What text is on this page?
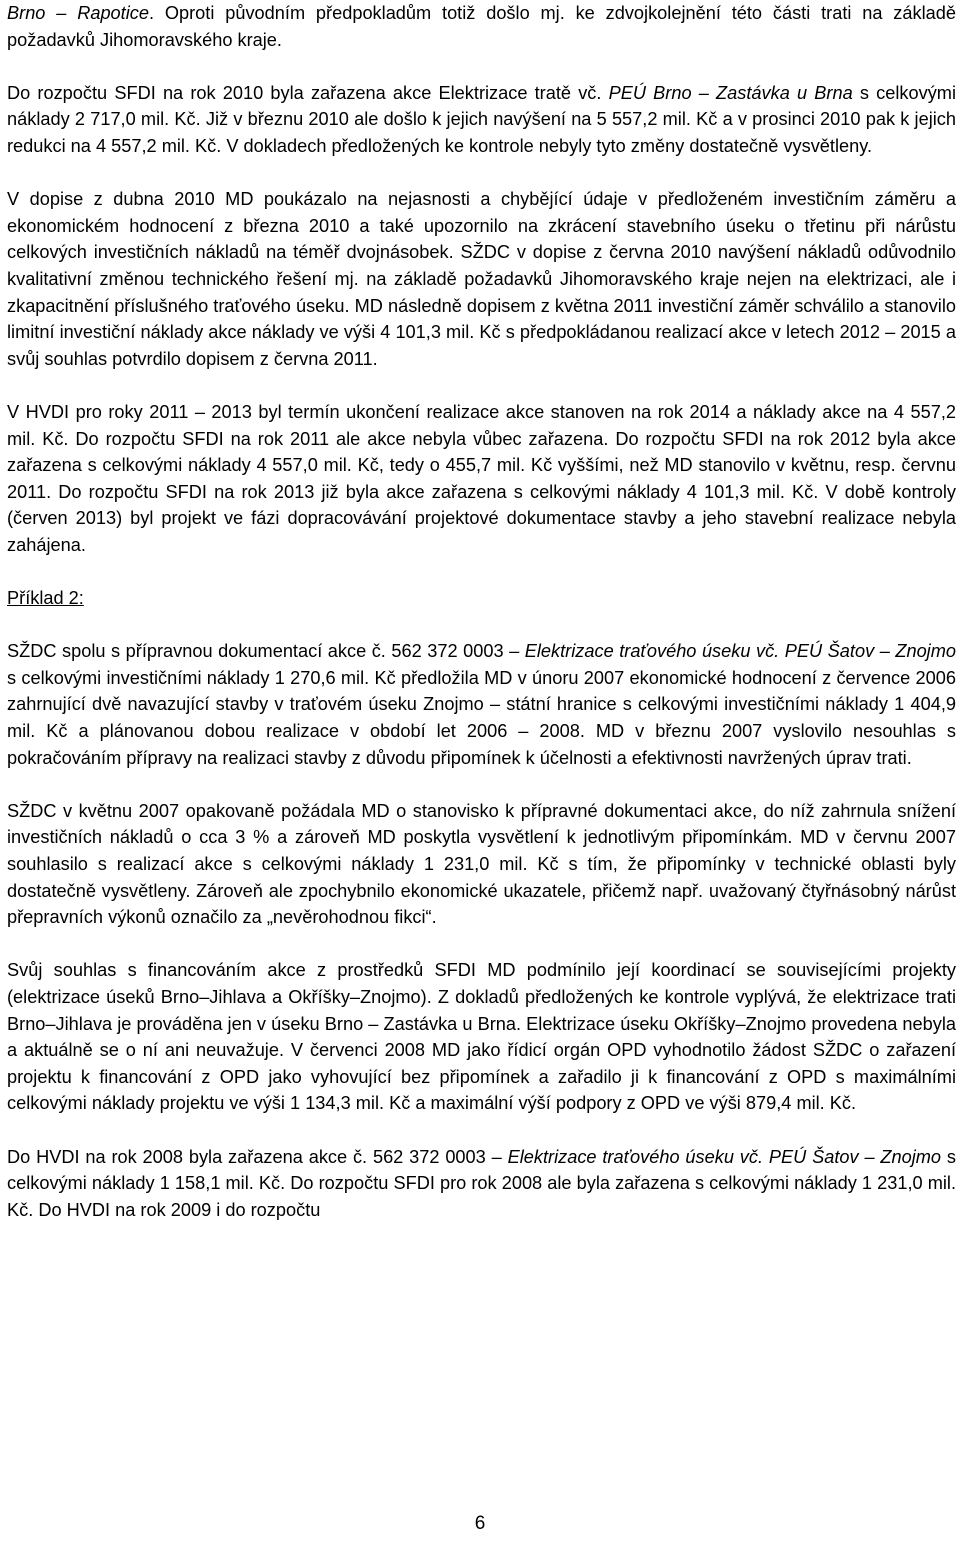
Brno – Rapotice. Oproti původním předpokladům totiž došlo mj. ke zdvojkolejnění této části trati na základě požadavků Jihomoravského kraje.

Do rozpočtu SFDI na rok 2010 byla zařazena akce Elektrizace tratě vč. PEÚ Brno – Zastávka u Brna s celkovými náklady 2 717,0 mil. Kč. Již v březnu 2010 ale došlo k jejich navýšení na 5 557,2 mil. Kč a v prosinci 2010 pak k jejich redukci na 4 557,2 mil. Kč. V dokladech předložených ke kontrole nebyly tyto změny dostatečně vysvětleny.

V dopise z dubna 2010 MD poukázalo na nejasnosti a chybějící údaje v předloženém investičním záměru a ekonomickém hodnocení z března 2010 a také upozornilo na zkrácení stavebního úseku o třetinu při nárůstu celkových investičních nákladů na téměř dvojnásobek. SŽDC v dopise z června 2010 navýšení nákladů odůvodnilo kvalitativní změnou technického řešení mj. na základě požadavků Jihomoravského kraje nejen na elektrizaci, ale i zkapacitnění příslušného traťového úseku. MD následně dopisem z května 2011 investiční záměr schválilo a stanovilo limitní investiční náklady akce náklady ve výši 4 101,3 mil. Kč s předpokládanou realizací akce v letech 2012 – 2015 a svůj souhlas potvrdilo dopisem z června 2011.

V HVDI pro roky 2011 – 2013 byl termín ukončení realizace akce stanoven na rok 2014 a náklady akce na 4 557,2 mil. Kč. Do rozpočtu SFDI na rok 2011 ale akce nebyla vůbec zařazena. Do rozpočtu SFDI na rok 2012 byla akce zařazena s celkovými náklady 4 557,0 mil. Kč, tedy o 455,7 mil. Kč vyššími, než MD stanovilo v květnu, resp. červnu 2011. Do rozpočtu SFDI na rok 2013 již byla akce zařazena s celkovými náklady 4 101,3 mil. Kč. V době kontroly (červen 2013) byl projekt ve fázi dopracovávání projektové dokumentace stavby a jeho stavební realizace nebyla zahájena.

Příklad 2:

SŽDC spolu s přípravnou dokumentací akce č. 562 372 0003 – Elektrizace traťového úseku vč. PEÚ Šatov – Znojmo s celkovými investičními náklady 1 270,6 mil. Kč předložila MD v únoru 2007 ekonomické hodnocení z července 2006 zahrnující dvě navazující stavby v traťovém úseku Znojmo – státní hranice s celkovými investičními náklady 1 404,9 mil. Kč a plánovanou dobou realizace v období let 2006 – 2008. MD v březnu 2007 vyslovilo nesouhlas s pokračováním přípravy na realizaci stavby z důvodu připomínek k účelnosti a efektivnosti navržených úprav trati.

SŽDC v květnu 2007 opakovaně požádala MD o stanovisko k přípravné dokumentaci akce, do níž zahrnula snížení investičních nákladů o cca 3 % a zároveň MD poskytla vysvětlení k jednotlivým připomínkám. MD v červnu 2007 souhlasilo s realizací akce s celkovými náklady 1 231,0 mil. Kč s tím, že připomínky v technické oblasti byly dostatečně vysvětleny. Zároveň ale zpochybnilo ekonomické ukazatele, přičemž např. uvažovaný čtyřnásobný nárůst přepravních výkonů označilo za „nevěrohodnou fikci“.

Svůj souhlas s financováním akce z prostředků SFDI MD podmínilo její koordinací se souvisejícími projekty (elektrizace úseků Brno–Jihlava a Okříšky–Znojmo). Z dokladů předložených ke kontrole vyplývá, že elektrizace trati Brno–Jihlava je prováděna jen v úseku Brno – Zastávka u Brna. Elektrizace úseku Okříšky–Znojmo provedena nebyla a aktuálně se o ní ani neuvažuje. V červenci 2008 MD jako řídicí orgán OPD vyhodnotilo žádost SŽDC o zařazení projektu k financování z OPD jako vyhovující bez připomínek a zařadilo ji k financování z OPD s maximálními celkovými náklady projektu ve výši 1 134,3 mil. Kč a maximální výší podpory z OPD ve výši 879,4 mil. Kč.

Do HVDI na rok 2008 byla zařazena akce č. 562 372 0003 – Elektrizace traťového úseku vč. PEÚ Šatov – Znojmo s celkovými náklady 1 158,1 mil. Kč. Do rozpočtu SFDI pro rok 2008 ale byla zařazena s celkovými náklady 1 231,0 mil. Kč. Do HVDI na rok 2009 i do rozpočtu

6
